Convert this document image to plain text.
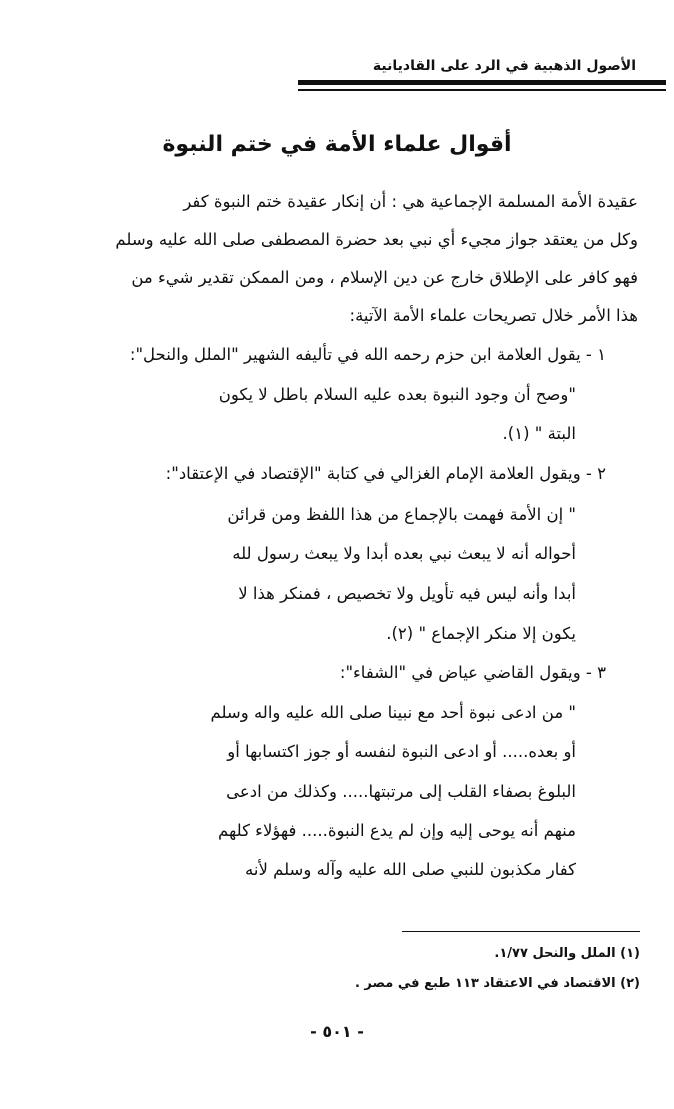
الأصول الذهبية في الرد على القاديانية
أقوال علماء الأمة في ختم النبوة
عقيدة الأمة المسلمة الإجماعية هي : أن إنكار عقيدة ختم النبوة كفر
وكل من يعتقد جواز مجيء أي نبي بعد حضرة المصطفى صلى الله عليه وسلم
فهو كافر على الإطلاق خارج عن دين الإسلام ، ومن الممكن تقدير شيء من
هذا الأمر خلال تصريحات علماء الأمة الآتية:
١ - يقول العلامة ابن حزم رحمه الله في تأليفه الشهير "الملل والنحل":
"وصح أن وجود النبوة بعده عليه السلام باطل لا يكون
البتة " (١).
٢ - ويقول العلامة الإمام الغزالي في كتابة "الإقتصاد في الإعتقاد":
" إن الأمة فهمت بالإجماع من هذا اللفظ ومن قرائن
أحواله أنه لا يبعث نبي بعده أبدا ولا يبعث رسول لله
أبدا وأنه ليس فيه تأويل ولا تخصيص ، فمنكر هذا لا
يكون إلا منكر الإجماع " (٢).
٣ - ويقول القاضي عياض في "الشفاء":
" من ادعى نبوة أحد مع نبينا صلى الله عليه واله وسلم
أو بعده..... أو ادعى النبوة لنفسه أو جوز اكتسابها أو
البلوغ بصفاء القلب إلى مرتبتها..... وكذلك من ادعى
منهم أنه يوحى إليه وإن لم يدع النبوة..... فهؤلاء كلهم
كفار مكذبون للنبي صلى الله عليه وآله وسلم لأنه
(١) الملل والنحل ١/٧٧.
(٢) الاقتصاد في الاعتقاد ١١٣ طبع في مصر .
- ٥٠١ -
